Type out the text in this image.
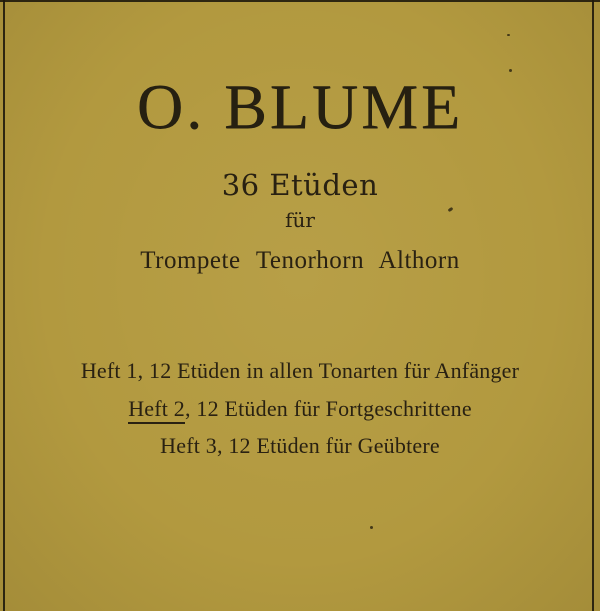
O. BLUME
36 Etüden
für
Trompete Tenorhorn Althorn
Heft 1, 12 Etüden in allen Tonarten für Anfänger
Heft 2, 12 Etüden für Fortgeschrittene
Heft 3, 12 Etüden für Geübtere
